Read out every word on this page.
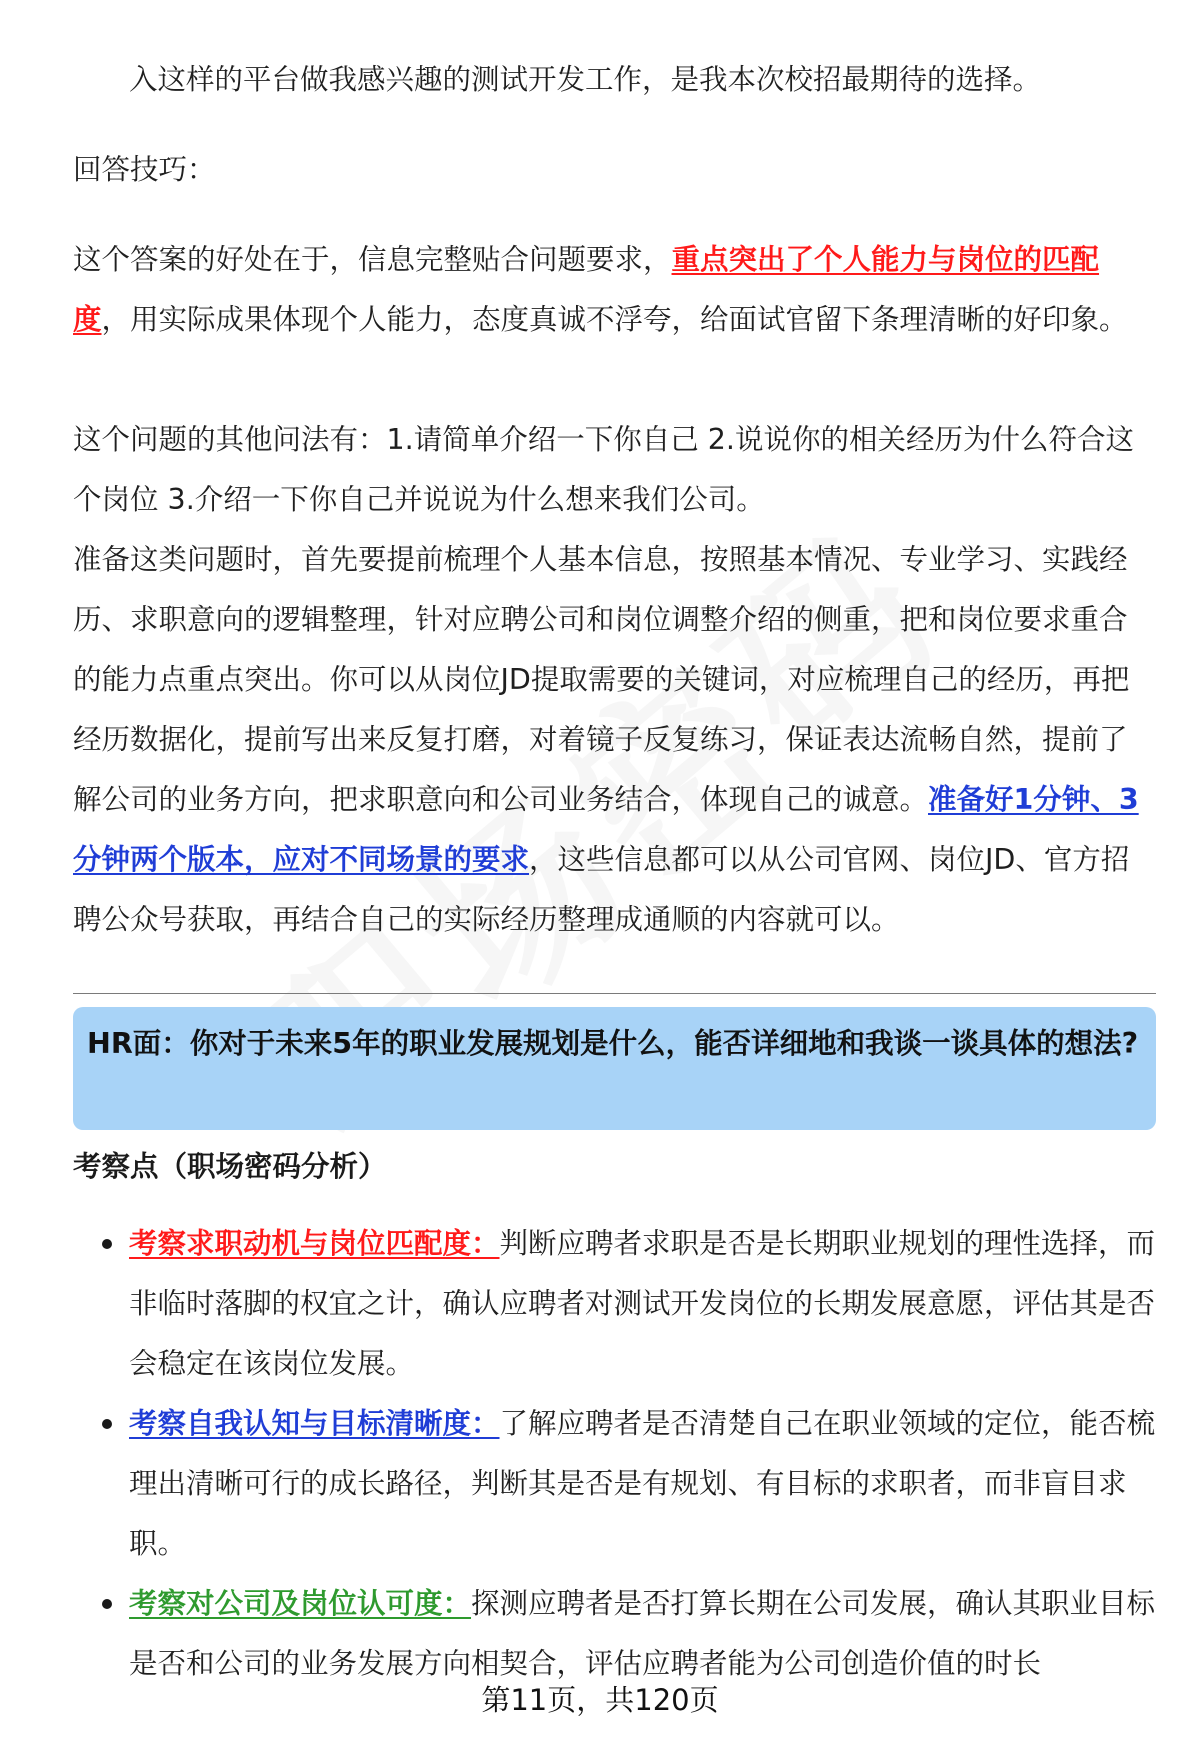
入这样的平台做我感兴趣的测试开发工作，是我本次校招最期待的选择。

回答技巧：

这个答案的好处在于，信息完整贴合问题要求，重点突出了个人能力与岗位的匹配度，用实际成果体现个人能力，态度真诚不浮夸，给面试官留下条理清晰的好印象。

这个问题的其他问法有：1.请简单介绍一下你自己 2.说说你的相关经历为什么符合这个岗位 3.介绍一下你自己并说说为什么想来我们公司。

准备这类问题时，首先要提前梳理个人基本信息，按照基本情况、专业学习、实践经历、求职意向的逻辑整理，针对应聘公司和岗位调整介绍的侧重，把和岗位要求重合的能力点重点突出。你可以从岗位JD提取需要的关键词，对应梳理自己的经历，再把经历数据化，提前写出来反复打磨，对着镜子反复练习，保证表达流畅自然，提前了解公司的业务方向，把求职意向和公司业务结合，体现自己的诚意。准备好1分钟、3分钟两个版本，应对不同场景的要求，这些信息都可以从公司官网、岗位JD、官方招聘公众号获取，再结合自己的实际经历整理成通顺的内容就可以。

HR面：你对于未来5年的职业发展规划是什么，能否详细地和我谈一谈具体的想法?
考察点（职场密码分析）
考察求职动机与岗位匹配度：判断应聘者求职是否是长期职业规划的理性选择，而非临时落脚的权宜之计，确认应聘者对测试开发岗位的长期发展意愿，评估其是否会稳定在该岗位发展。
考察自我认知与目标清晰度：了解应聘者是否清楚自己在职业领域的定位，能否梳理出清晰可行的成长路径，判断其是否是有规划、有目标的求职者，而非盲目求职。
考察对公司及岗位认可度：探测应聘者是否打算长期在公司发展，确认其职业目标是否和公司的业务发展方向相契合，评估应聘者能为公司创造价值的时长
第11页，共120页
